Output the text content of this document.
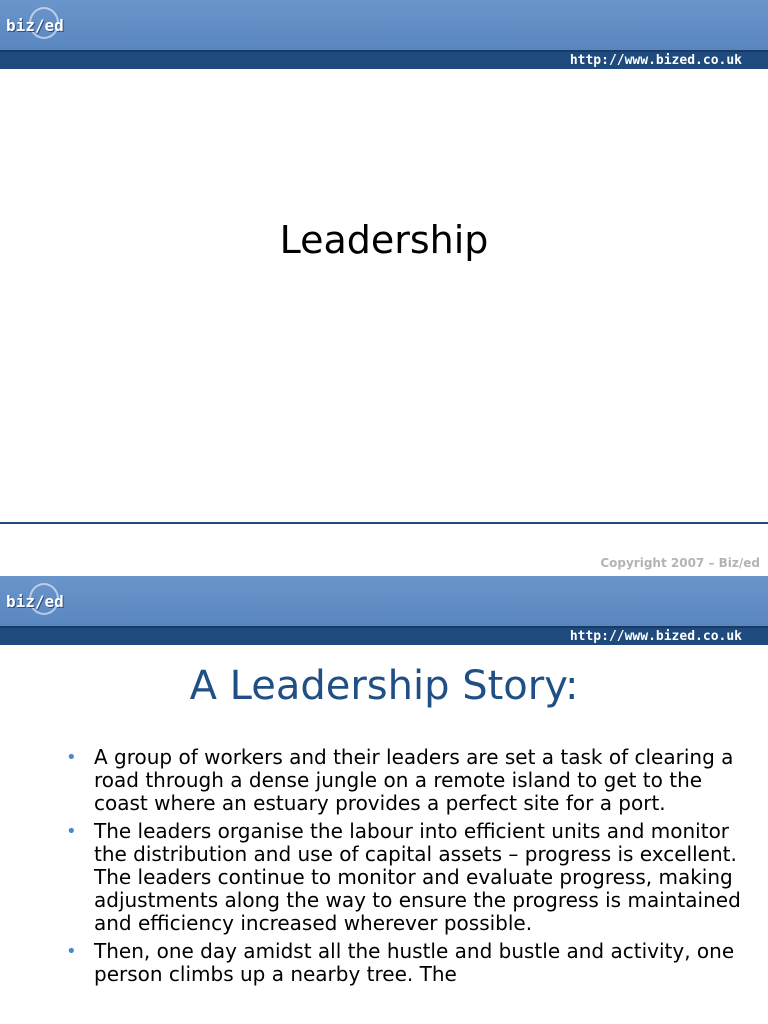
biz/ed
http://www.bized.co.uk
Leadership
Copyright 2007 – Biz/ed
biz/ed
http://www.bized.co.uk
A Leadership Story:
• A group of workers and their leaders are set a task of clearing a road through a dense jungle on a remote island to get to the coast where an estuary provides a perfect site for a port.
• The leaders organise the labour into efficient units and monitor the distribution and use of capital assets – progress is excellent. The leaders continue to monitor and evaluate progress, making adjustments along the way to ensure the progress is maintained and efficiency increased wherever possible.
• Then, one day amidst all the hustle and bustle and activity, one person climbs up a nearby tree. The
